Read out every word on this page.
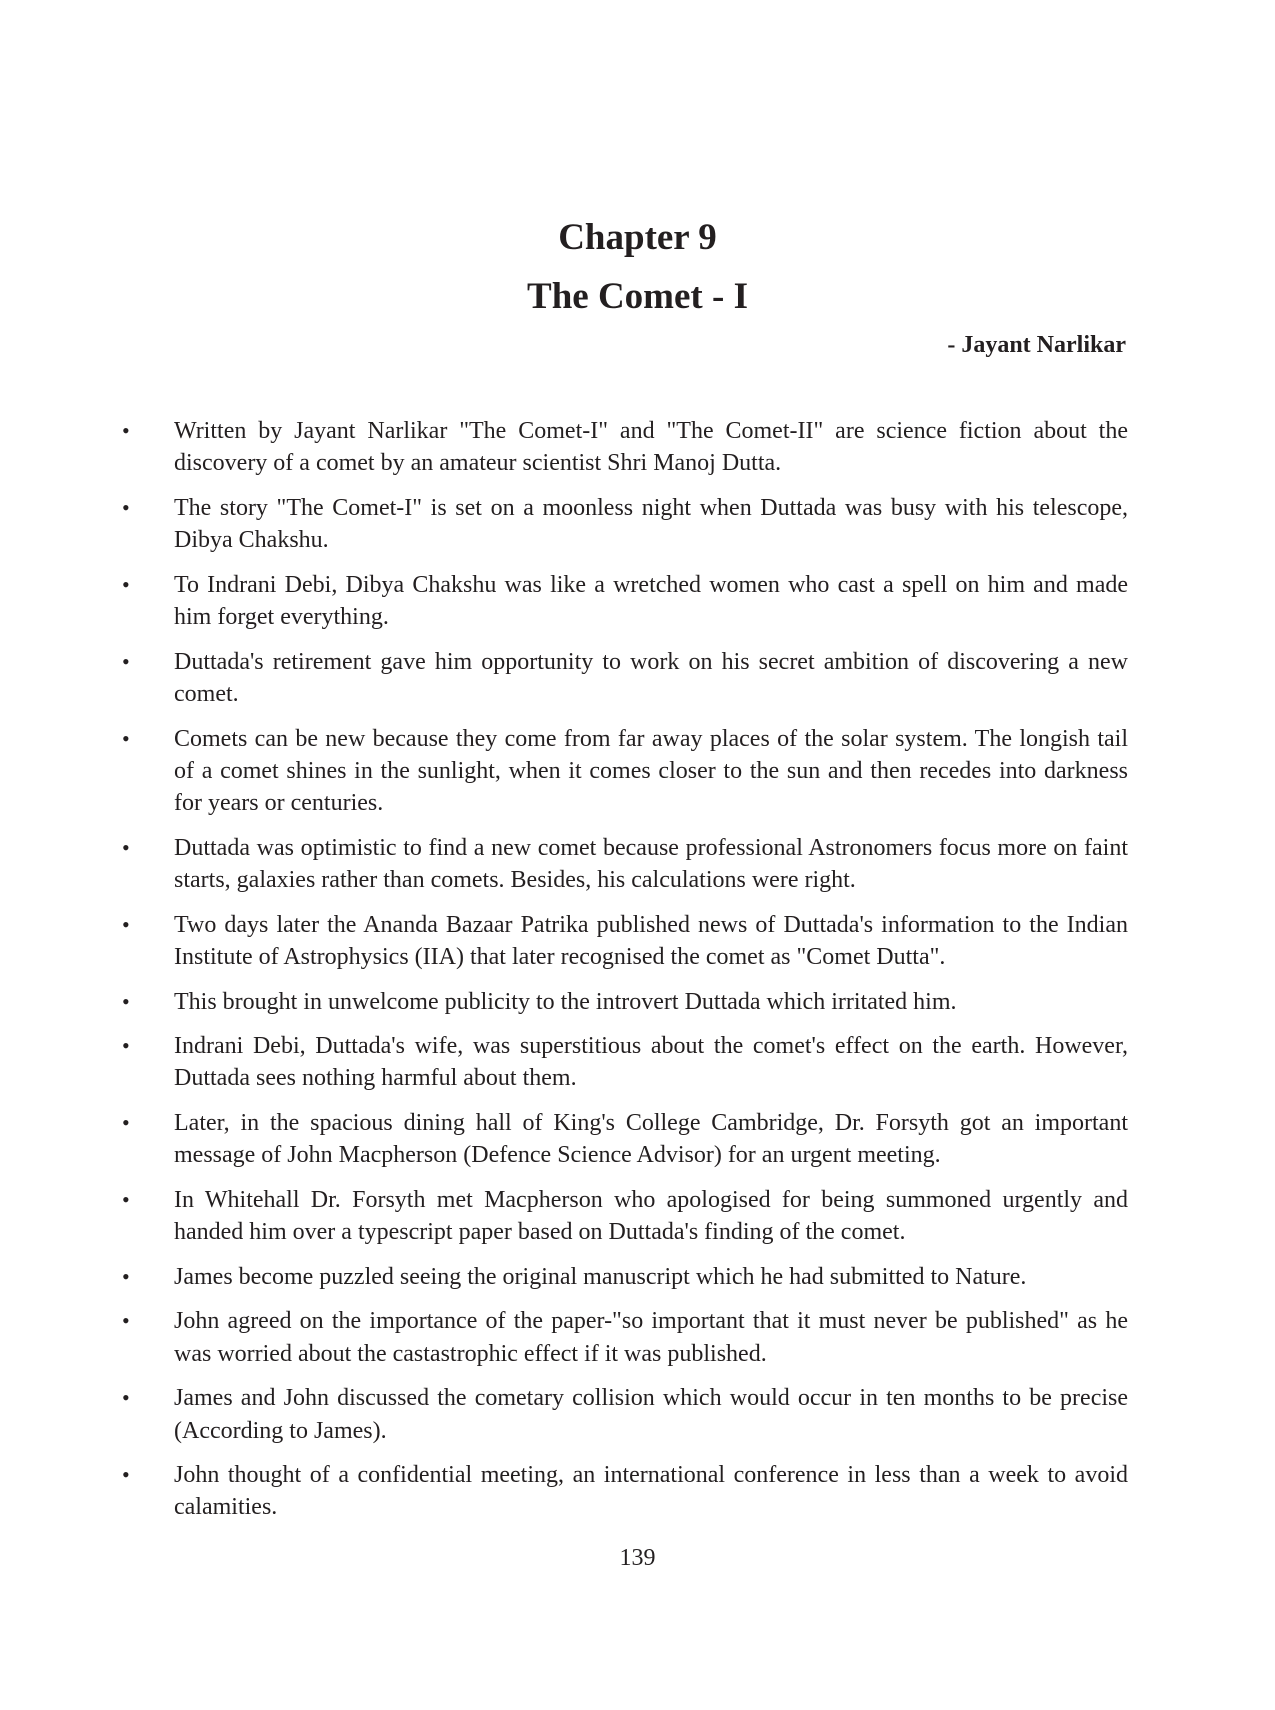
Chapter 9
The Comet - I

- Jayant Narlikar

• Written by Jayant Narlikar "The Comet-I" and "The Comet-II" are science fiction about the discovery of a comet by an amateur scientist Shri Manoj Dutta.
• The story "The Comet-I" is set on a moonless night when Duttada was busy with his telescope, Dibya Chakshu.
• To Indrani Debi, Dibya Chakshu was like a wretched women who cast a spell on him and made him forget everything.
• Duttada's retirement gave him opportunity to work on his secret ambition of discovering a new comet.
• Comets can be new because they come from far away places of the solar system. The longish tail of a comet shines in the sunlight, when it comes closer to the sun and then recedes into darkness for years or centuries.
• Duttada was optimistic to find a new comet because professional Astronomers focus more on faint starts, galaxies rather than comets. Besides, his calculations were right.
• Two days later the Ananda Bazaar Patrika published news of Duttada's information to the Indian Institute of Astrophysics (IIA) that later recognised the comet as "Comet Dutta".
• This brought in unwelcome publicity to the introvert Duttada which irritated him.
• Indrani Debi, Duttada's wife, was superstitious about the comet's effect on the earth. However, Duttada sees nothing harmful about them.
• Later, in the spacious dining hall of King's College Cambridge, Dr. Forsyth got an important message of John Macpherson (Defence Science Advisor) for an urgent meeting.
• In Whitehall Dr. Forsyth met Macpherson who apologised for being summoned urgently and handed him over a typescript paper based on Duttada's finding of the comet.
• James become puzzled seeing the original manuscript which he had submitted to Nature.
• John agreed on the importance of the paper-"so important that it must never be published" as he was worried about the castastrophic effect if it was published.
• James and John discussed the cometary collision which would occur in ten months to be precise (According to James).
• John thought of a confidential meeting, an international conference in less than a week to avoid calamities.

139
